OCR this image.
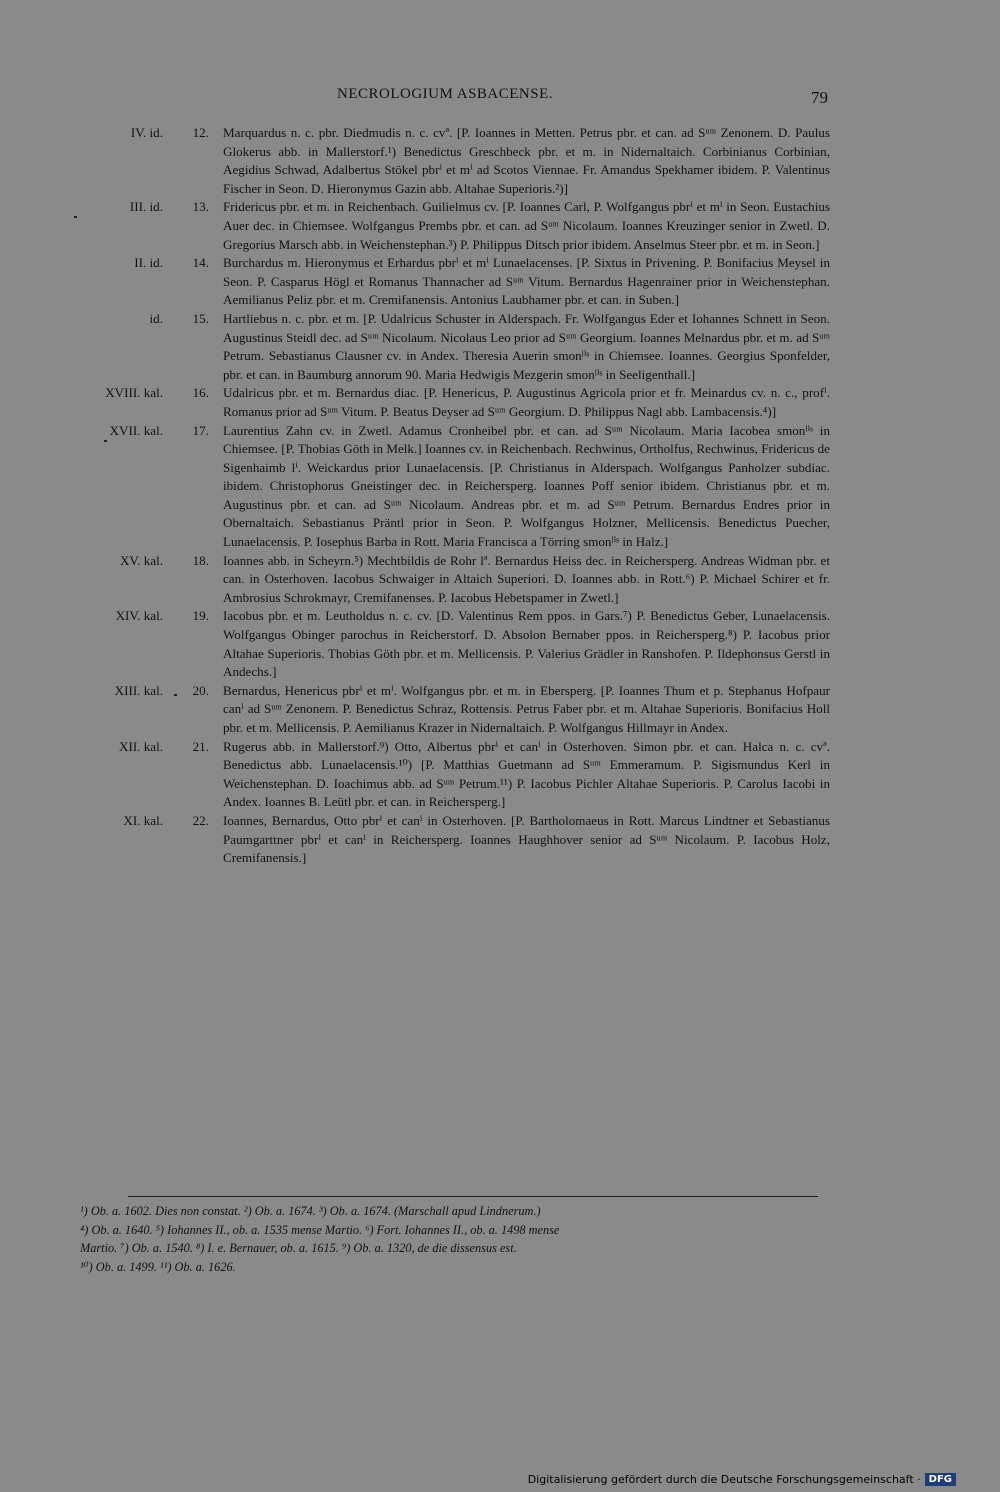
NECROLOGIUM ASBACENSE.	79
IV. id.	12. Marquardus n. c. pbr. Diedmudis n. c. cvª. [P. Ioannes in Metten. Petrus pbr. et can. ad Sᵘᵐ Zenonem. D. Paulus Glokerus abb. in Mallerstorf.¹) Benedictus Greschbeck pbr. et m. in Nidernaltaich. Corbinianus Corbinian, Aegidius Schwad, Adalbertus Stökel pbrⁱ et mⁱ ad Scotos Viennae. Fr. Amandus Spekhamer ibidem. P. Valentinus Fischer in Seon. D. Hieronymus Gazin abb. Altahae Superioris.²)]

III. id.	13. Fridericus pbr. et m. in Reichenbach. Guilielmus cv. [P. Ioannes Carl, P. Wolfgangus pbrⁱ et mⁱ in Seon. Eustachius Auer dec. in Chiemsee. Wolfgangus Prembs pbr. et can. ad Sᵘᵐ Nicolaum. Ioannes Kreuzinger senior in Zwetl. D. Gregorius Marsch abb. in Weichenstephan.³) P. Philippus Ditsch prior ibidem. Anselmus Steer pbr. et m. in Seon.]

II. id.	14. Burchardus m. Hieronymus et Erhardus pbrⁱ et mⁱ Lunaelacenses. [P. Sixtus in Privening. P. Bonifacius Meysel in Seon. P. Casparus Högl et Romanus Thannacher ad Sᵘᵐ Vitum. Bernardus Hagenrainer prior in Weichenstephan. Aemilianus Peliz pbr. et m. Cremifanensis. Antonius Laubhamer pbr. et can. in Suben.]

id.	15. Hartliebus n. c. pbr. et m. [P. Udalricus Schuster in Alderspach. Fr. Wolfgangus Eder et Iohannes Schnett in Seon. Augustinus Steidl dec. ad Sᵘᵐ Nicolaum. Nicolaus Leo prior ad Sᵘᵐ Georgium. Ioannes Melnardus pbr. et m. ad Sᵘᵐ Petrum. Sebastianus Clausner cv. in Andex. Theresia Auerin smonˡⁱˢ in Chiemsee. Ioannes. Georgius Sponfelder, pbr. et can. in Baumburg annorum 90. Maria Hedwigis Mezgerin smonˡⁱˢ in Seeligenthall.]

XVIII. kal.	16. Udalricus pbr. et m. Bernardus diac. [P. Henericus, P. Augustinus Agricola prior et fr. Meinardus cv. n. c., profⁱ. Romanus prior ad Sᵘᵐ Vitum. P. Beatus Deyser ad Sᵘᵐ Georgium. D. Philippus Nagl abb. Lambacensis.⁴)]

XVII. kal.	17. Laurentius Zahn cv. in Zwetl. Adamus Cronheibel pbr. et can. ad Sᵘᵐ Nicolaum. Maria Iacobea smonˡⁱˢ in Chiemsee. [P. Thobias Göth in Melk.] Ioannes cv. in Reichenbach. Rechwinus, Ortholfus, Rechwinus, Fridericus de Sigenhaimb lⁱ. Weickardus prior Lunaelacensis. [P. Christianus in Alderspach. Wolfgangus Panholzer subdiac. ibidem. Christophorus Gneistinger dec. in Reichersperg. Ioannes Poff senior ibidem. Christianus pbr. et m. Augustinus pbr. et can. ad Sᵘᵐ Nicolaum. Andreas pbr. et m. ad Sᵘᵐ Petrum. Bernardus Endres prior in Obernaltaich. Sebastianus Präntl prior in Seon. P. Wolfgangus Holzner, Mellicensis. Benedictus Puecher, Lunaelacensis. P. Iosephus Barba in Rott. Maria Francisca a Törring smonˡⁱˢ in Halz.]

XV. kal.	18. Ioannes abb. in Scheyrn.⁵) Mechtbildis de Rohr lª. Bernardus Heiss dec. in Reichersperg. Andreas Widman pbr. et can. in Osterhoven. Iacobus Schwaiger in Altaich Superiori. D. Ioannes abb. in Rott.⁶) P. Michael Schirer et fr. Ambrosius Schrokmayr, Cremifanenses. P. Iacobus Hebetspamer in Zwetl.]

XIV. kal.	19. Iacobus pbr. et m. Leutholdus n. c. cv. [D. Valentinus Rem ppos. in Gars.⁷) P. Benedictus Geber, Lunaelacensis. Wolfgangus Obinger parochus in Reicherstorf. D. Absolon Bernaber ppos. in Reichersperg.⁸) P. Iacobus prior Altahae Superioris. Thobias Göth pbr. et m. Mellicensis. P. Valerius Grädler in Ranshofen. P. Ildephonsus Gerstl in Andechs.]

XIII. kal.	20. Bernardus, Henericus pbrⁱ et mⁱ. Wolfgangus pbr. et m. in Ebersperg. [P. Ioannes Thum et p. Stephanus Hofpaur canⁱ ad Sᵘᵐ Zenonem. P. Benedictus Schraz, Rottensis. Petrus Faber pbr. et m. Altahae Superioris. Bonifacius Holl pbr. et m. Mellicensis. P. Aemilianus Krazer in Nidernaltaich. P. Wolfgangus Hillmayr in Andex.

XII. kal.	21. Rugerus abb. in Mallerstorf.⁹) Otto, Albertus pbrⁱ et canⁱ in Osterhoven. Simon pbr. et can. Halca n. c. cvª. Benedictus abb. Lunaelacensis.¹⁰) [P. Matthias Guetmann ad Sᵘᵐ Emmeramum. P. Sigismundus Kerl in Weichenstephan. D. Ioachimus abb. ad Sᵘᵐ Petrum.¹¹) P. Iacobus Pichler Altahae Superioris. P. Carolus Iacobi in Andex. Ioannes B. Leütl pbr. et can. in Reichersperg.]

XI. kal.	22. Ioannes, Bernardus, Otto pbrⁱ et canⁱ in Osterhoven. [P. Bartholomaeus in Rott. Marcus Lindtner et Sebastianus Paumgarttner pbrⁱ et canⁱ in Reichersperg. Ioannes Haughhover senior ad Sᵘᵐ Nicolaum. P. Iacobus Holz, Cremifanensis.]

¹) Ob. a. 1602. Dies non constat. ²) Ob. a. 1674. ³) Ob. a. 1674. (Marschall apud Lindnerum.)

⁴) Ob. a. 1640. ⁵) Iohannes II., ob. a. 1535 mense Martio. ⁶) Fort. Iohannes II., ob. a. 1498 mense

Martio. ⁷) Ob. a. 1540. ⁸) I. e. Bernauer, ob. a. 1615. ⁹) Ob. a. 1320, de die dissensus est.

¹⁰) Ob. a. 1499. ¹¹) Ob. a. 1626.

Digitalisierung gefördert durch die Deutsche Forschungsgemeinschaft · DFG
